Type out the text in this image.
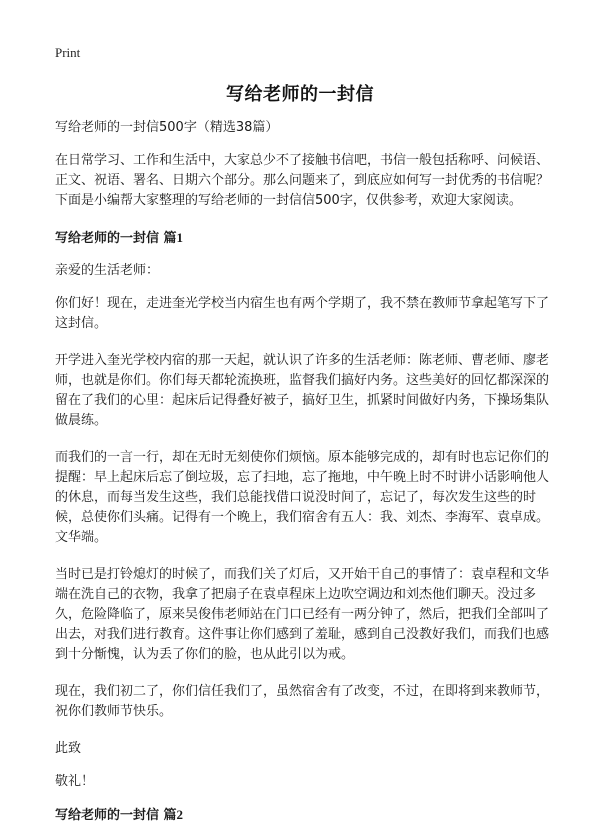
Print
写给老师的一封信

写给老师的一封信500字（精选38篇）

在日常学习、工作和生活中，大家总少不了接触书信吧，书信一般包括称呼、问候语、正文、祝语、署名、日期六个部分。那么问题来了，到底应如何写一封优秀的书信呢？下面是小编帮大家整理的写给老师的一封信信500字，仅供参考，欢迎大家阅读。

写给老师的一封信 篇1

亲爱的生活老师：

你们好！现在，走进奎光学校当内宿生也有两个学期了，我不禁在教师节拿起笔写下了这封信。

开学进入奎光学校内宿的那一天起，就认识了许多的生活老师：陈老师、曹老师、廖老师，也就是你们。你们每天都轮流换班，监督我们搞好内务。这些美好的回忆都深深的留在了我们的心里：起床后记得叠好被子，搞好卫生，抓紧时间做好内务，下操场集队做晨练。

而我们的一言一行，却在无时无刻使你们烦恼。原本能够完成的，却有时也忘记你们的提醒：早上起床后忘了倒垃圾，忘了扫地，忘了拖地，中午晚上时不时讲小话影响他人的休息，而每当发生这些，我们总能找借口说没时间了，忘记了，每次发生这些的时候，总使你们头痛。记得有一个晚上，我们宿舍有五人：我、刘杰、李海军、袁卓成。文华端。

当时已是打铃熄灯的时候了，而我们关了灯后，又开始干自己的事情了：袁卓程和文华端在洗自己的衣物，我拿了把扇子在袁卓程床上边吹空调边和刘杰他们聊天。没过多久，危险降临了，原来吴俊伟老师站在门口已经有一两分钟了，然后，把我们全部叫了出去，对我们进行教育。这件事让你们感到了羞耻，感到自己没教好我们，而我们也感到十分惭愧，认为丢了你们的脸，也从此引以为戒。

现在，我们初二了，你们信任我们了，虽然宿舍有了改变，不过，在即将到来教师节，祝你们教师节快乐。

此致

敬礼！

写给老师的一封信 篇2
